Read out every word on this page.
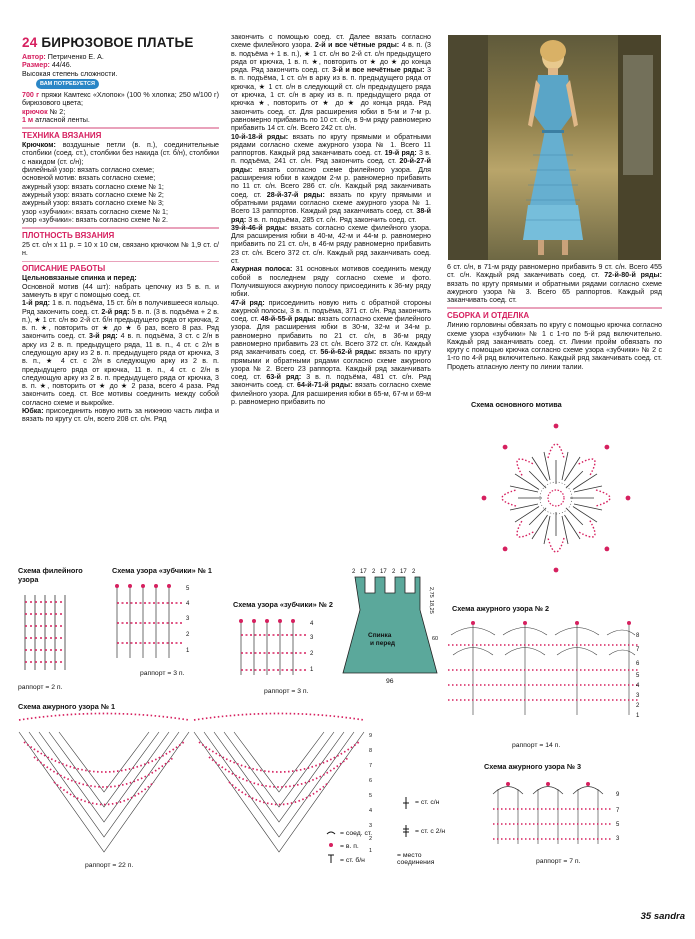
24 БИРЮЗОВОЕ ПЛАТЬЕ

Автор: Петриченко Е. А.

Размер: 44/46.

Высокая степень сложности.

ВАМ ПОТРЕБУЕТСЯ

700 г пряжи Камтекс «Хлопок» (100 % хлопка; 250 м/100 г) бирюзового цвета;

крючок № 2;

1 м атласной ленты.

ТЕХНИКА ВЯЗАНИЯ

Крючком: воздушные петли (в. п.), соединительные столбики (соед. ст.), столбики без накида (ст. б/н), столбики с накидом (ст. с/н);

филейный узор: вязать согласно схеме;

основной мотив: вязать согласно схеме;

ажурный узор: вязать согласно схеме № 1;

ажурный узор: вязать согласно схеме № 2;

ажурный узор: вязать согласно схеме № 3;

узор «зубчики»: вязать согласно схеме № 1;

узор «зубчики»: вязать согласно схеме № 2.

ПЛОТНОСТЬ ВЯЗАНИЯ

25 ст. с/н х 11 р. = 10 х 10 см, связано крючком № 1,9 ст. с/н.

ОПИСАНИЕ РАБОТЫ

Цельновязаные спинка и перед:

Основной мотив (44 шт): набрать цепочку из 5 в. п. и замкнуть в круг с помощью соед. ст.

1-й ряд: 1 в. п. подъёма, 15 ст. б/н в получившееся кольцо. Ряд закончить соед. ст. 2-й ряд: 5 в. п. (3 в. подъёма + 2 в. п.), ★ 1 ст. с/н во 2-й ст. б/н предыдущего ряда от крючка, 2 в. п. ★, повторить от ★ до ★ 6 раз, всего 8 раз. Ряд закончить соед. ст. 3-й ряд: 4 в. п. подъёма, 3 ст. с 2/н в арку из 2 в. п. предыдущего ряда, 11 в. п., 4 ст. с 2/н в следующую арку из 2 в. п. предыдущего ряда от крючка, 3 в. п., ★ 4 ст. с 2/н в следующую арку из 2 в. п. предыдущего ряда от крючка, 11 в. п., 4 ст. с 2/н в следующую арку из 2 в. п. предыдущего ряда от крючка, 3 в. п. ★, повторить от ★ до ★ 2 раза, всего 4 раза. Ряд закончить соед. ст. Все мотивы соединить между собой согласно схеме и выкройке.

Юбка: присоединить новую нить за нижнюю часть лифа и вязать по кругу ст. с/н, всего 208 ст. с/н. Ряд

закончить с помощью соед. ст. Далее вязать согласно схеме филейного узора. 2-й и все чётные ряды: 4 в. п. (3 в. подъёма + 1 в. п.), ★ 1 ст. с/н во 2-й ст. с/н предыдущего ряда от крючка, 1 в. п. ★, повторить от ★ до ★ до конца ряда. Ряд закончить соед. ст. 3-й и все нечётные ряды: 3 в. п. подъёма, 1 ст. с/н в арку из в. п. предыдущего ряда от крючка, ★ 1 ст. с/н в следующий ст. с/н предыдущего ряда от крючка, 1 ст. с/н в арку из в. п. предыдущего ряда от крючка ★, повторить от ★ до ★ до конца ряда. Ряд закончить соед. ст. Для расширения юбки в 5-м и 7-м р. равномерно прибавить по 10 ст. с/н, в 9-м ряду равномерно прибавить 14 ст. с/н. Всего 242 ст. с/н.

10-й-18-й ряды: вязать по кругу прямыми и обратными рядами согласно схеме ажурного узора № 1. Всего 11 раппортов. Каждый ряд заканчивать соед. ст. 19-й ряд: 3 в. п. подъёма, 241 ст. с/н. Ряд закончить соед. ст. 20-й-27-й ряды: вязать согласно схеме филейного узора. Для расширения юбки в каждом 2-м р. равномерно прибавить по 11 ст. с/н. Всего 286 ст. с/н. Каждый ряд заканчивать соед. ст. 28-й-37-й ряды: вязать по кругу прямыми и обратными рядами согласно схеме ажурного узора № 1. Всего 13 раппортов. Каждый ряд заканчивать соед. ст. 38-й ряд: 3 в. п. подъёма, 285 ст. с/н. Ряд закончить соед. ст.

39-й-46-й ряды: вязать согласно схеме филейного узора. Для расширения юбки в 40-м, 42-м и 44-м р. равномерно прибавить по 21 ст. с/н, в 46-м ряду равномерно прибавить 23 ст. с/н. Всего 372 ст. с/н. Каждый ряд заканчивать соед. ст.

Ажурная полоса: 31 основных мотивов соединить между собой в последнем ряду согласно схеме и фото. Получившуюся ажурную полосу присоединить к 36-му ряду юбки.

47-й ряд: присоединить новую нить с обратной стороны ажурной полосы, 3 в. п. подъёма, 371 ст. с/н. Ряд закончить соед. ст. 48-й-55-й ряды: вязать согласно схеме филейного узора. Для расширения юбки в 30-м, 32-м и 34-м р. равномерно прибавить по 21 ст. с/н, в 36-м ряду равномерно прибавить 23 ст. с/н. Всего 372 ст. с/н. Каждый ряд заканчивать соед. ст. 56-й-62-й ряды: вязать по кругу прямыми и обратными рядами согласно схеме ажурного узора № 2. Всего 23 раппорта. Каждый ряд заканчивать соед. ст. 63-й ряд: 3 в. п. подъёма, 481 ст. с/н. Ряд закончить соед. ст. 64-й-71-й ряды: вязать согласно схеме филейного узора. Для расширения юбки в 65-м, 67-м и 69-м р. равномерно прибавить по

6 ст. с/н, в 71-м ряду равномерно прибавить 9 ст. с/н. Всего 455 ст. с/н. Каждый ряд заканчивать соед. ст. 72-й-80-й ряды: вязать по кругу прямыми и обратными рядами согласно схеме ажурного узора № 3. Всего 65 раппортов. Каждый ряд заканчивать соед. ст.

СБОРКА И ОТДЕЛКА

Линию горловины обвязать по кругу с помощью крючка согласно схеме узора «зубчики» № 1 с 1-го по 5-й ряд включительно. Каждый ряд заканчивать соед. ст. Линии пройм обвязать по кругу с помощью крючка согласно схеме узора «зубчики» № 2 с 1-го по 4-й ряд включительно. Каждый ряд заканчивать соед. ст. Продеть атласную ленту по линии талии.

Схема основного мотива
Схема филейного узора
раппорт = 2 п.
Схема узора «зубчики» № 1
5
4
3
2
1
раппорт = 3 п.
Схема узора «зубчики» № 2
4
3
2
1
раппорт = 3 п.
2 17 2 17 2 17 2
Спинка
и перед
2,75
18,25
60
96
Схема ажурного узора № 2
8
7
6
5
4
3
2
1
раппорт = 14 п.
Схема ажурного узора № 1
9
8
7
6
5
4
3
2
1
раппорт = 22 п.
= соед. ст.
= в. п.
= ст. б/н
= ст. с/н
= ст. с 2/н
= место соединения
Схема ажурного узора № 3
9
7
5
3
раппорт = 7 п.
35 sandra
